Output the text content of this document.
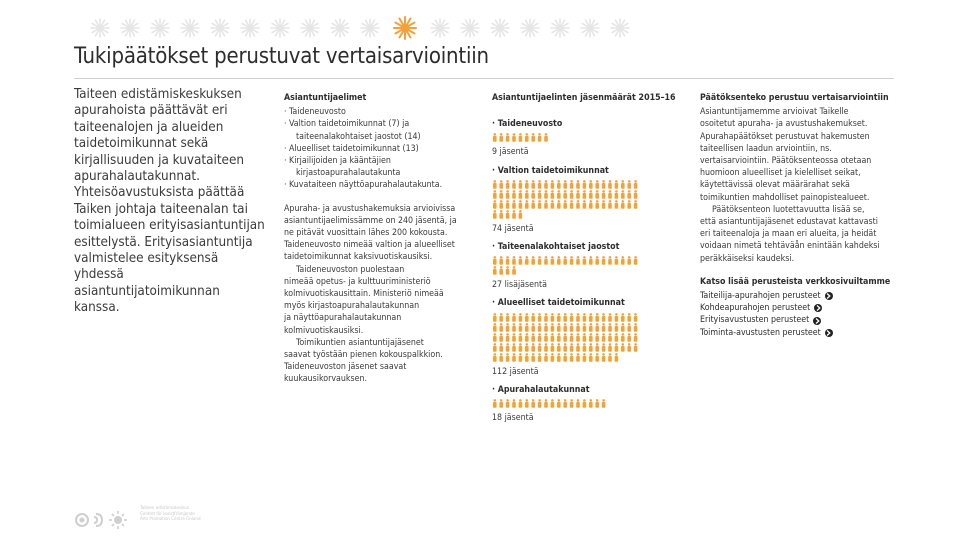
Tukipäätökset perustuvat vertaisarviointiin
Taiteen edistämiskeskuksen
apurahoista päättävät eri
taiteenalojen ja alueiden
taidetoimikunnat sekä
kirjallisuuden ja kuvataiteen
apurahalautakunnat.
Yhteisöavustuksista päättää
Taiken johtaja taiteenalan tai
toimialueen erityisasiantuntijan
esittelystä. Erityisasiantuntija
valmistelee esityksensä yhdessä
asiantuntijatoimikunnan kanssa.
Asiantuntijaelimet

· Taideneuvosto

· Valtion taidetoimikunnat (7) ja

taiteenalakohtaiset jaostot (14)

· Alueelliset taidetoimikunnat (13)

· Kirjailijoiden ja kääntäjien

kirjastoapurahalautakunta

· Kuvataiteen näyttöapurahalautakunta.

Apuraha- ja avustushakemuksia arvioivissa

asiantuntijaelimissämme on 240 jäsentä, ja

ne pitävät vuosittain lähes 200 kokousta.

Taideneuvosto nimeää valtion ja alueelliset

taidetoimikunnat kaksivuotiskausiksi.

Taideneuvoston puolestaan

nimeää opetus- ja kulttuuriministeriö

kolmivuotiskausittain. Ministeriö nimeää

myös kirjastoapurahalautakunnan

ja näyttöapurahalautakunnan

kolmivuotiskausiksi.

Toimikuntien asiantuntijajäsenet

saavat työstään pienen kokouspalkkion.

Taideneuvoston jäsenet saavat

kuukausikorvauksen.

Asiantuntijaelinten jäsenmäärät 2015–16
· Taideneuvosto
9 jäsentä
· Valtion taidetoimikunnat
74 jäsentä
· Taiteenalakohtaiset jaostot
27 lisäjäsentä
· Alueelliset taidetoimikunnat
112 jäsentä
· Apurahalautakunnat
18 jäsentä
Päätöksenteko perustuu vertaisarviointiin

Asiantuntijamemme arvioivat Taikelle

osoitetut apuraha- ja avustushakemukset.

Apurahapäätökset perustuvat hakemusten

taiteellisen laadun arviointiin, ns.

vertaisarviointiin. Päätöksenteossa otetaan

huomioon alueelliset ja kielelliset seikat,

käytettävissä olevat määrärahat sekä

toimikuntien mahdolliset painopistealueet.

Päätöksenteon luotettavuutta lisää se,

että asiantuntijajäsenet edustavat kattavasti

eri taiteenaloja ja maan eri alueita, ja heidät

voidaan nimetä tehtäväån enintään kahdeksi

peräkkäiseksi kaudeksi.

Katso lisää perusteista verkkosivuiltamme
Taiteilija-apurahojen perusteet
Kohdeapurahojen perusteet
Erityisavustusten perusteet
Toiminta-avustusten perusteet
Taiteen edistämiskeskus
Centret för konstfrämjande
Arts Promotion Centre Finland
